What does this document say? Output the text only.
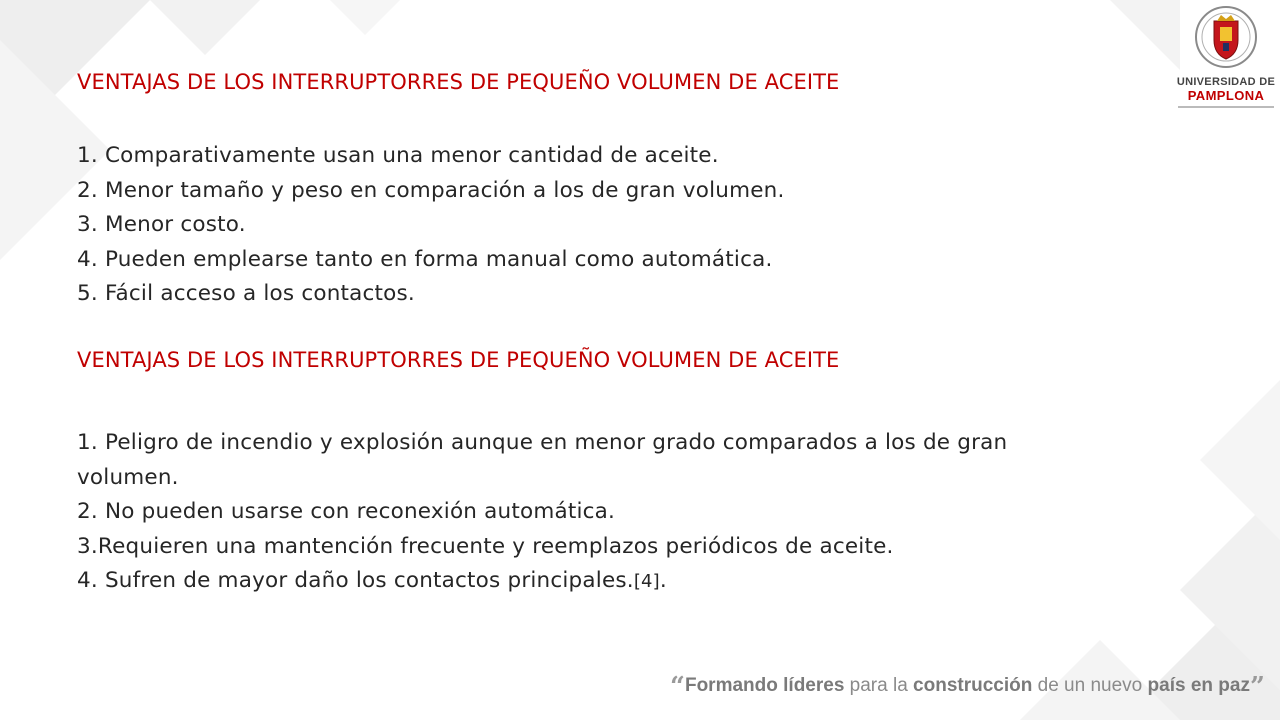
UNIVERSIDAD DE
PAMPLONA
VENTAJAS DE LOS INTERRUPTORRES DE PEQUEÑO VOLUMEN DE ACEITE
1. Comparativamente usan una menor cantidad de aceite.
2. Menor tamaño y peso en comparación a los de gran volumen.
3. Menor costo.
4. Pueden emplearse tanto en forma manual como automática.
5. Fácil acceso a los contactos.
VENTAJAS DE LOS INTERRUPTORRES DE PEQUEÑO VOLUMEN DE ACEITE
1. Peligro de incendio y explosión aunque en menor grado comparados a los de gran volumen.
2. No pueden usarse con reconexión automática.
3.Requieren una mantención frecuente y reemplazos periódicos de aceite.
4. Sufren de mayor daño los contactos principales.[4].
“Formando líderes para la construcción de un nuevo país en paz”
